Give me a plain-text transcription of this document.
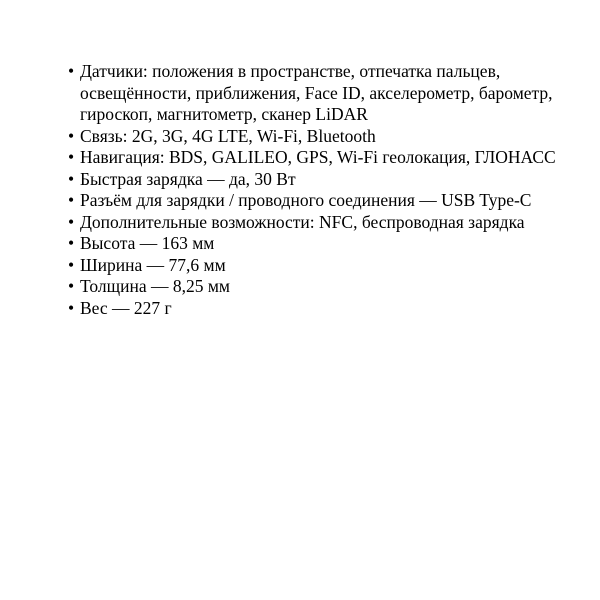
• Датчики: положения в пространстве, отпечатка пальцев, освещённости, приближения, Face ID, акселерометр, барометр, гироскоп, магнитометр, сканер LiDAR
• Связь: 2G, 3G, 4G LTE, Wi-Fi, Bluetooth
• Навигация: BDS, GALILEO, GPS, Wi-Fi геолокация, ГЛОНАСС
• Быстрая зарядка — да, 30 Вт
• Разъём для зарядки / проводного соединения — USB Type-C
• Дополнительные возможности: NFC, беспроводная зарядка
• Высота — 163 мм
• Ширина — 77,6 мм
• Толщина — 8,25 мм
• Вес — 227 г
